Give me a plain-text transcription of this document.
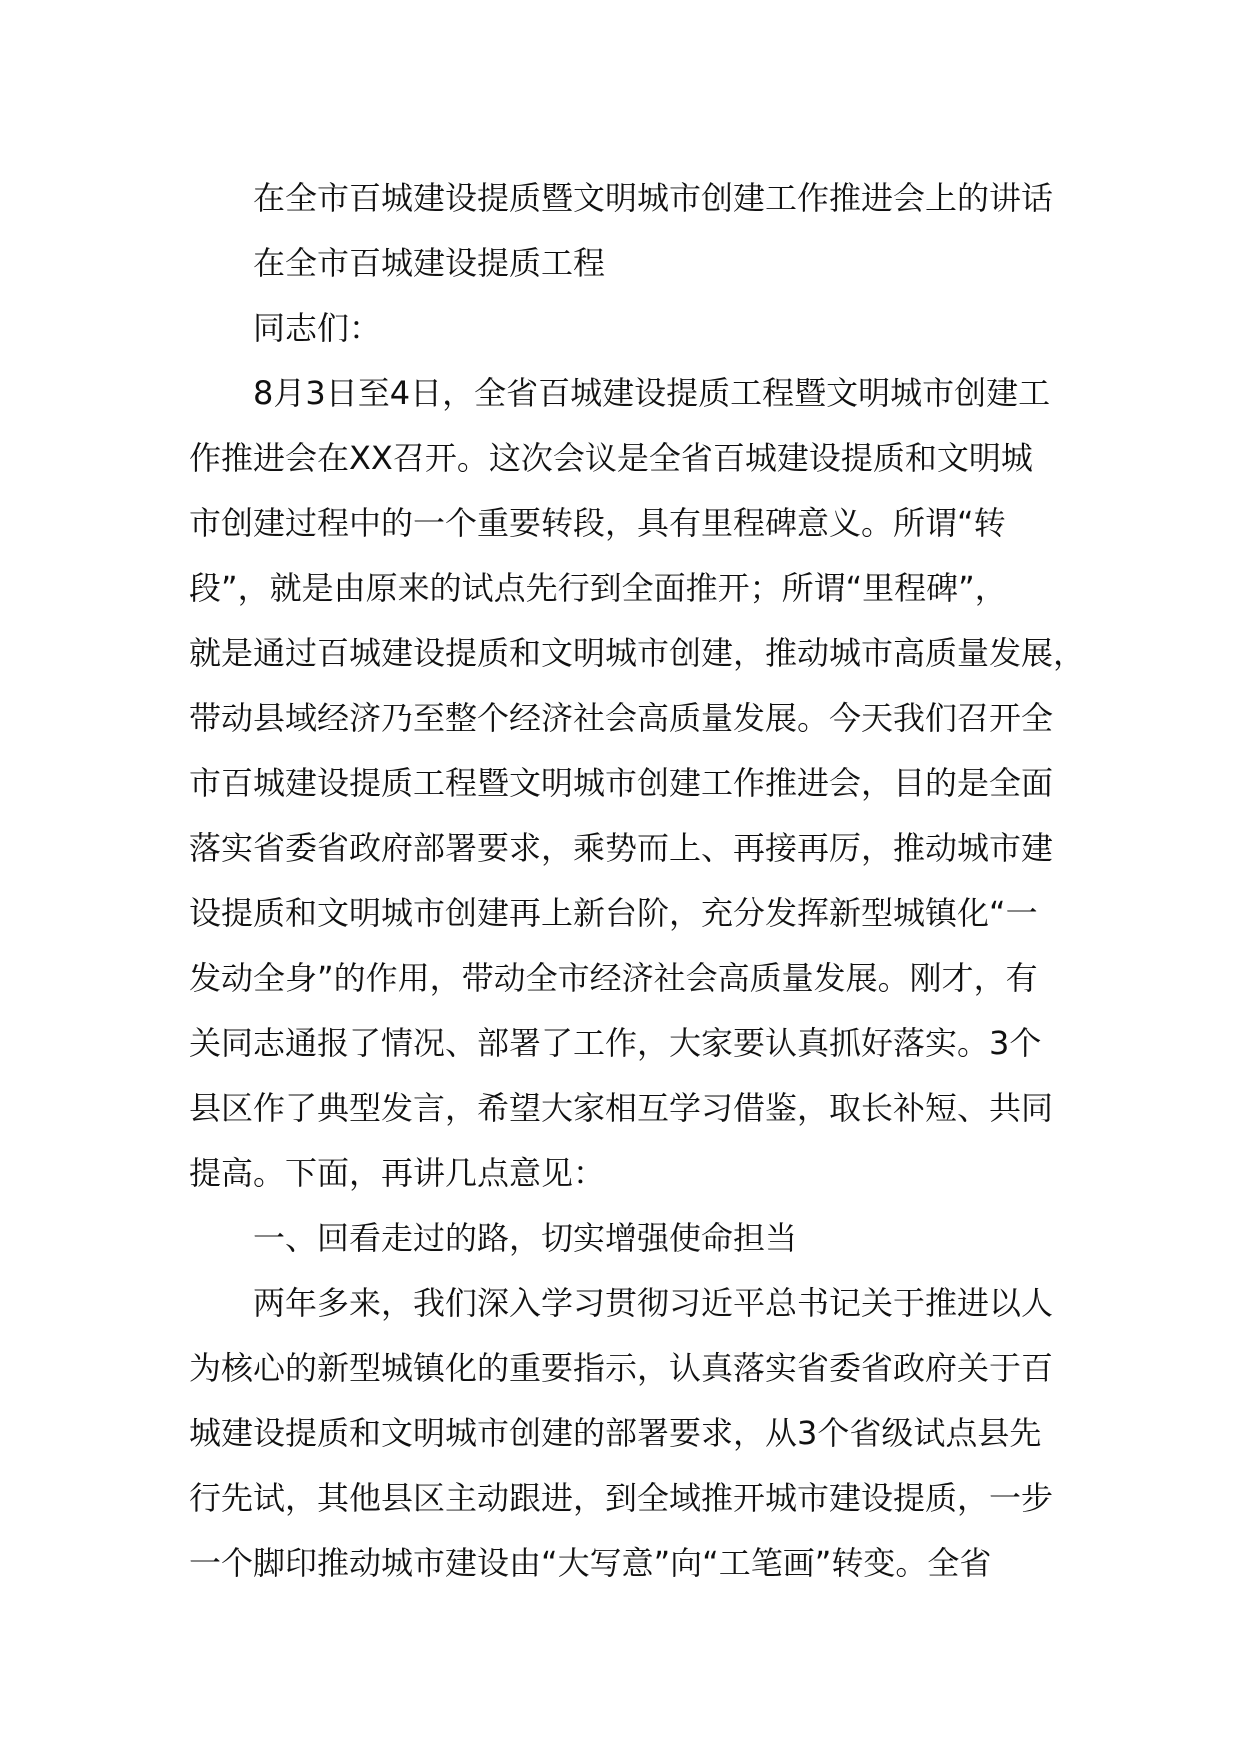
在全市百城建设提质暨文明城市创建工作推进会上的讲话
在全市百城建设提质工程
同志们：
8月3日至4日，全省百城建设提质工程暨文明城市创建工
作推进会在XX召开。这次会议是全省百城建设提质和文明城
市创建过程中的一个重要转段，具有里程碑意义。所谓“转
段”，就是由原来的试点先行到全面推开；所谓“里程碑”，
就是通过百城建设提质和文明城市创建，推动城市高质量发展，
带动县域经济乃至整个经济社会高质量发展。今天我们召开全
市百城建设提质工程暨文明城市创建工作推进会，目的是全面
落实省委省政府部署要求，乘势而上、再接再厉，推动城市建
设提质和文明城市创建再上新台阶，充分发挥新型城镇化“一
发动全身”的作用，带动全市经济社会高质量发展。刚才，有
关同志通报了情况、部署了工作，大家要认真抓好落实。3个
县区作了典型发言，希望大家相互学习借鉴，取长补短、共同
提高。下面，再讲几点意见：
一、回看走过的路，切实增强使命担当
两年多来，我们深入学习贯彻习近平总书记关于推进以人
为核心的新型城镇化的重要指示，认真落实省委省政府关于百
城建设提质和文明城市创建的部署要求，从3个省级试点县先
行先试，其他县区主动跟进，到全域推开城市建设提质，一步
一个脚印推动城市建设由“大写意”向“工笔画”转变。全省
